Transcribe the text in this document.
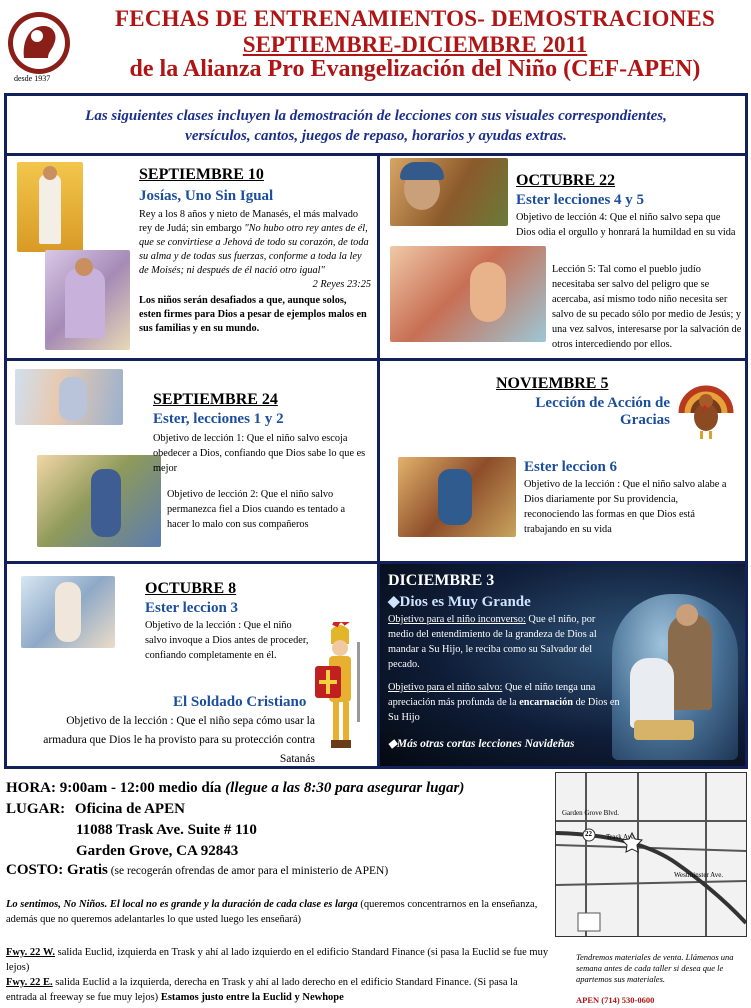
desde 1937
FECHAS DE ENTRENAMIENTOS- DEMOSTRACIONES
SEPTIEMBRE-DICIEMBRE 2011
de la Alianza Pro Evangelización del Niño (CEF-APEN)
Las siguientes clases incluyen la demostración de lecciones con sus visuales correspondientes,
versículos, cantos, juegos de repaso, horarios y ayudas extras.
SEPTIEMBRE 10
Josías, Uno Sin Igual
Rey a los 8 años y nieto de Manasés, el más malvado rey de Judá; sin embargo "No hubo otro rey antes de él, que se convirtiese a Jehová de todo su corazón, de toda su alma y de todas sus fuerzas, conforme a toda la ley de Moisés; ni después de él nació otro igual"
2 Reyes 23:25
Los niños serán desafiados a que, aunque solos, esten firmes para Dios a pesar de ejemplos malos en sus familias y en su mundo.
OCTUBRE 22
Ester lecciones 4 y 5
Objetivo de lección 4: Que el niño salvo sepa que Dios odia el orgullo y honrará la humildad en su vida
Lección 5: Tal como el pueblo judío necesitaba ser salvo del peligro que se acercaba, así mismo todo niño necesita ser salvo de su pecado sólo por medio de Jesús; y una vez salvos, interesarse por la salvación de otros intercediendo por ellos.
SEPTIEMBRE 24
Ester, lecciones 1 y 2
Objetivo de lección 1: Que el niño salvo escoja obedecer a Dios, confiando que Dios sabe lo que es mejor
Objetivo de lección 2: Que el niño salvo permanezca fiel a Dios cuando es tentado a hacer lo malo con sus compañeros
NOVIEMBRE 5
Lección de Acción de
Gracias
Ester leccion 6
Objetivo de la lección : Que el niño salvo alabe a Dios diariamente por Su providencia, reconociendo las formas en que Dios está trabajando en su vida
OCTUBRE 8
Ester leccion 3
Objetivo de la lección : Que el niño salvo invoque a Dios antes de proceder, confiando completamente en él.
El Soldado Cristiano
Objetivo de la lección : Que el niño sepa cómo usar la armadura que Dios le ha provisto para su protección contra Satanás
DICIEMBRE 3
◆Dios es Muy Grande
Objetivo para el niño inconverso: Que el niño, por medio del entendimiento de la grandeza de Dios al mandar a Su Hijo, le reciba como su Salvador del pecado.
Objetivo para el niño salvo: Que el niño tenga una apreciación más profunda de la encarnación de Dios en Su Hijo
◆Más otras cortas lecciones Navideñas
HORA: 9:00am - 12:00 medio día (llegue a las 8:30 para asegurar lugar)
LUGAR: Oficina de APEN
11088 Trask Ave. Suite # 110
Garden Grove, CA 92843
COSTO: Gratis (se recogerán ofrendas de amor para el ministerio de APEN)
Lo sentimos, No Niños. El local no es grande y la duración de cada clase es larga (queremos concentrarnos en la enseñanza, además que no queremos adelantarles lo que usted luego les enseñará)
Fwy. 22 W. salida Euclid, izquierda en Trask y ahí al lado izquierdo en el edificio Standard Finance (si pasa la Euclid se fue muy lejos)
Fwy. 22 E. salida Euclid a la izquierda, derecha en Trask y ahí al lado derecho en el edificio Standard Finance. (Si pasa la entrada al freeway se fue muy lejos) Estamos justo entre la Euclid y Newhope
Garden Grove Blvd.
Trask Ave.
Westminster Ave.
22
Tendremos materiales de venta. Llámenos una semana antes de cada taller si desea que le apartemos sus materiales.
APEN (714) 530-0600
